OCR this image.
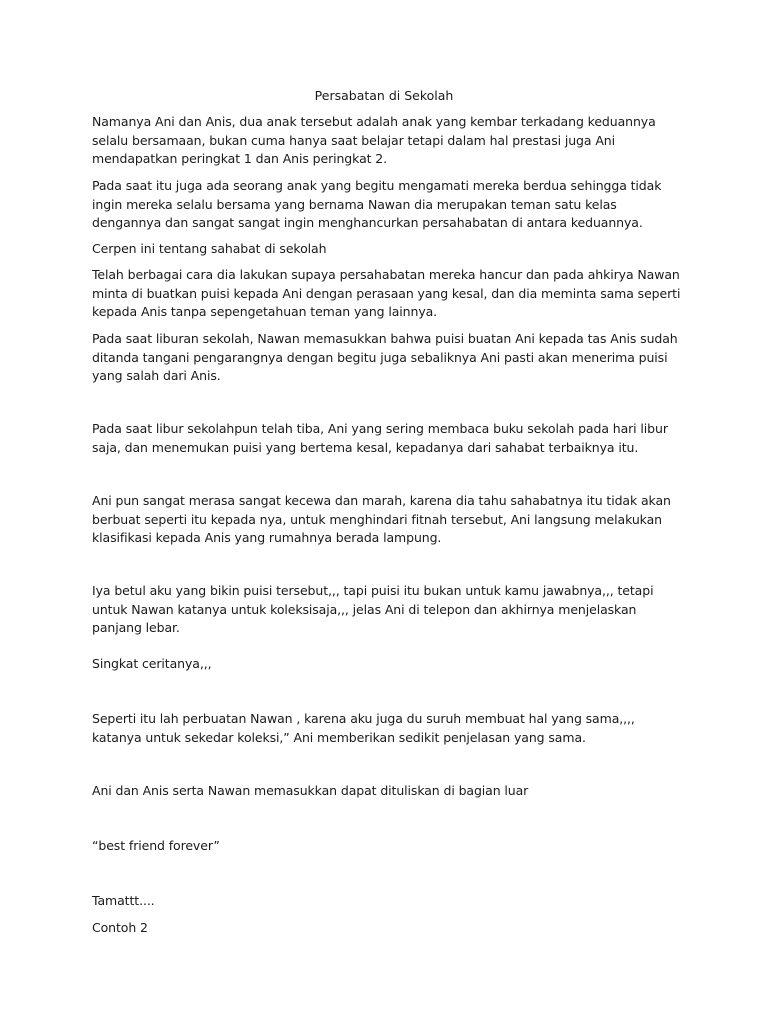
Persabatan di Sekolah

Namanya Ani dan Anis, dua anak tersebut adalah anak yang kembar terkadang keduannya selalu bersamaan, bukan cuma hanya saat belajar tetapi dalam hal prestasi juga Ani mendapatkan peringkat 1 dan Anis peringkat 2.

Pada saat itu juga ada seorang anak yang begitu mengamati mereka berdua sehingga tidak ingin mereka selalu bersama yang bernama Nawan dia merupakan teman satu kelas dengannya dan sangat sangat ingin menghancurkan persahabatan di antara keduannya.

Cerpen ini tentang sahabat di sekolah

Telah berbagai cara dia lakukan supaya persahabatan mereka hancur dan pada ahkirya Nawan minta di buatkan puisi kepada Ani dengan perasaan yang kesal, dan dia meminta sama seperti kepada Anis tanpa sepengetahuan teman yang lainnya.

Pada saat liburan sekolah, Nawan memasukkan bahwa puisi buatan Ani kepada tas Anis sudah ditanda tangani pengarangnya dengan begitu juga sebaliknya Ani pasti akan menerima puisi yang salah dari Anis.

Pada saat libur sekolahpun telah tiba, Ani yang sering membaca buku sekolah pada hari libur saja, dan menemukan puisi yang bertema kesal, kepadanya dari sahabat terbaiknya itu.

Ani pun sangat merasa sangat kecewa dan marah, karena dia tahu sahabatnya itu tidak akan berbuat seperti itu kepada nya, untuk menghindari fitnah tersebut, Ani langsung melakukan klasifikasi kepada Anis yang rumahnya berada lampung.

Iya betul aku yang bikin puisi tersebut,,, tapi puisi itu bukan untuk kamu jawabnya,,, tetapi untuk Nawan katanya untuk koleksisaja,,, jelas Ani di telepon dan akhirnya menjelaskan panjang lebar.

Singkat ceritanya,,,

Seperti itu lah perbuatan Nawan , karena aku juga du suruh membuat hal yang sama,,,, katanya untuk sekedar koleksi,” Ani memberikan sedikit penjelasan yang sama.

Ani dan Anis serta Nawan memasukkan dapat dituliskan di bagian luar

“best friend forever”

Tamattt....

Contoh 2
